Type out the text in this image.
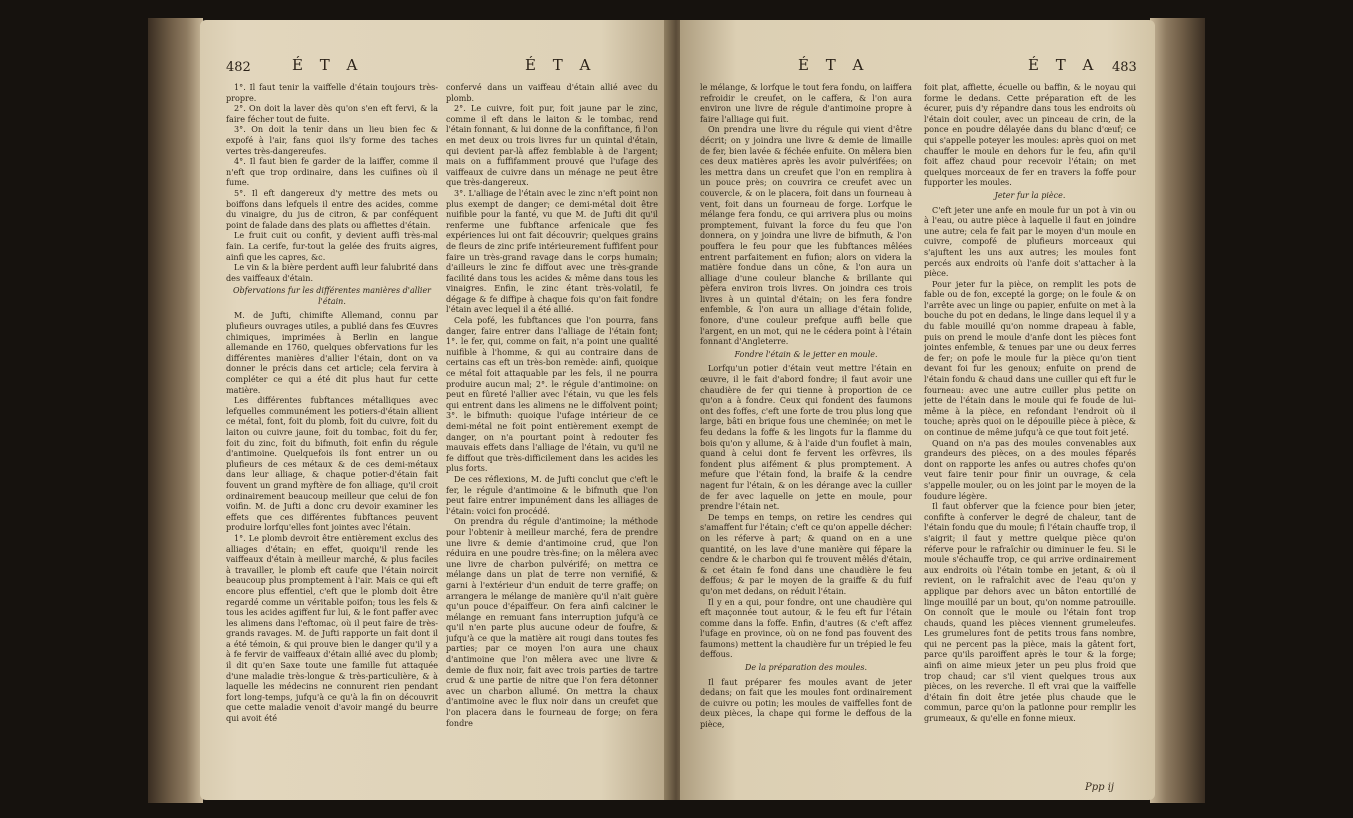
482	É T A	É T A

1°. Il faut tenir la vaiffelle d'étain toujours très-propre.

2°. On doit la laver dès qu'on s'en eft fervi, & la faire fécher tout de fuite.

3°. On doit la tenir dans un lieu bien fec & expofé à l'air, fans quoi ils'y forme des taches vertes très-dangereufes.

4°. Il faut bien fe garder de la laiffer, comme il n'eft que trop ordinaire, dans les cuifines où il fume.

5°. Il eft dangereux d'y mettre des mets ou boiffons dans lefquels il entre des acides, comme du vinaigre, du jus de citron, & par conféquent point de falade dans des plats ou affiettes d'étain.

Le fruit cuit ou confit, y devient auffi très-mal fain. La cerife, fur-tout la gelée des fruits aigres, ainfi que les capres, &c.

Le vin & la bière perdent auffi leur falubrité dans des vaiffeaux d'étain.

Obfervations fur les différentes manières d'allier l'étain.

M. de Jufti, chimifte Allemand, connu par plufieurs ouvrages utiles, a publié dans fes Œuvres chimiques, imprimées à Berlin en langue allemande en 1760, quelques obfervations fur les différentes manières d'allier l'étain, dont on va donner le précis dans cet article; cela fervira à compléter ce qui a été dit plus haut fur cette matière.

Les différentes fubftances métalliques avec lefquelles communément les potiers-d'étain allient ce métal, font, foit du plomb, foit du cuivre, foit du laiton ou cuivre jaune, foit du tombac, foit du fer, foit du zinc, foit du bifmuth, foit enfin du régule d'antimoine. Quelquefois ils font entrer un ou plufieurs de ces métaux & de ces demi-métaux dans leur alliage, & chaque potier-d'étain fait fouvent un grand myftère de fon alliage, qu'il croit ordinairement beaucoup meilleur que celui de fon voifin. M. de Jufti a donc cru devoir examiner les effets que ces différentes fubftances peuvent produire lorfqu'elles font jointes avec l'étain.

1°. Le plomb devroit être entièrement exclus des alliages d'étain; en effet, quoiqu'il rende les vaiffeaux d'étain à meilleur marché, & plus faciles à travailler, le plomb eft caufe que l'étain noircit beaucoup plus promptement à l'air. Mais ce qui eft encore plus effentiel, c'eft que le plomb doit être regardé comme un véritable poifon; tous les fels & tous les acides agiffent fur lui, & le font paffer avec les alimens dans l'eftomac, où il peut faire de très-grands ravages. M. de Jufti rapporte un fait dont il a été témoin, & qui prouve bien le danger qu'il y a à fe fervir de vaiffeaux d'étain allié avec du plomb; il dit qu'en Saxe toute une famille fut attaquée d'une maladie très-longue & très-particulière, & à laquelle les médecins ne connurent rien pendant fort long-temps, jufqu'à ce qu'à la fin on découvrit que cette maladie venoit d'avoir mangé du beurre qui avoit été

confervé dans un vaiffeau d'étain allié avec du plomb.

2°. Le cuivre, foit pur, foit jaune par le zinc, comme il eft dans le laiton & le tombac, rend l'étain fonnant, & lui donne de la confiftance, fi l'on en met deux ou trois livres fur un quintal d'étain, qui devient par-là affez femblable à de l'argent; mais on a fuffifamment prouvé que l'ufage des vaiffeaux de cuivre dans un ménage ne peut être que très-dangereux.

3°. L'alliage de l'étain avec le zinc n'eft point non plus exempt de danger; ce demi-métal doit être nuifible pour la fanté, vu que M. de Jufti dit qu'il renferme une fubftance arfenicale que fes expériences lui ont fait découvrir; quelques grains de fleurs de zinc prife intérieurement fuffifent pour faire un très-grand ravage dans le corps humain; d'ailleurs le zinc fe diffout avec une très-grande facilité dans tous les acides & même dans tous les vinaigres. Enfin, le zinc étant très-volatil, fe dégage & fe diffipe à chaque fois qu'on fait fondre l'étain avec lequel il a été allié.

Cela pofé, les fubftances que l'on pourra, fans danger, faire entrer dans l'alliage de l'étain font; 1°. le fer, qui, comme on fait, n'a point une qualité nuifible à l'homme, & qui au contraire dans de certains cas eft un très-bon remède: ainfi, quoique ce métal foit attaquable par les fels, il ne pourra produire aucun mal; 2°. le régule d'antimoine: on peut en fûreté l'allier avec l'étain, vu que les fels qui entrent dans les alimens ne le diffolvent point; 3°. le bifmuth: quoique l'ufage intérieur de ce demi-métal ne foit point entièrement exempt de danger, on n'a pourtant point à redouter fes mauvais effets dans l'alliage de l'étain, vu qu'il ne fe diffout que très-difficilement dans les acides les plus forts.

De ces réflexions, M. de Jufti conclut que c'eft le fer, le régule d'antimoine & le bifmuth que l'on peut faire entrer impunément dans les alliages de l'étain: voici fon procédé.

On prendra du régule d'antimoine; la méthode pour l'obtenir à meilleur marché, fera de prendre une livre & demie d'antimoine crud, que l'on réduira en une poudre très-fine; on la mêlera avec une livre de charbon pulvérifé; on mettra ce mélange dans un plat de terre non vernifié, & garni à l'extérieur d'un enduit de terre graffe; on arrangera le mélange de manière qu'il n'ait guère qu'un pouce d'épaiffeur. On fera ainfi calciner le mélange en remuant fans interruption jufqu'à ce qu'il n'en parte plus aucune odeur de foufre, & jufqu'à ce que la matière ait rougi dans toutes fes parties; par ce moyen l'on aura une chaux d'antimoine que l'on mêlera avec une livre & demie de flux noir, fait avec trois parties de tartre crud & une partie de nitre que l'on fera détonner avec un charbon allumé. On mettra la chaux d'antimoine avec le flux noir dans un creufet que l'on placera dans le fourneau de forge; on fera fondre

É T A	É T A 483

le mélange, & lorfque le tout fera fondu, on laiffera refroidir le creufet, on le caffera, & l'on aura environ une livre de régule d'antimoine propre à faire l'alliage qui fuit.

On prendra une livre du régule qui vient d'être décrit; on y joindra une livre & demie de limaille de fer, bien lavée & féchée enfuite. On mêlera bien ces deux matières après les avoir pulvérifées; on les mettra dans un creufet que l'on en remplira à un pouce près; on couvrira ce creufet avec un couvercle, & on le placera, foit dans un fourneau à vent, foit dans un fourneau de forge. Lorfque le mélange fera fondu, ce qui arrivera plus ou moins promptement, fuivant la force du feu que l'on donnera, on y joindra une livre de bifmuth, & l'on pouffera le feu pour que les fubftances mêlées entrent parfaitement en fufion; alors on videra la matière fondue dans un cône, & l'on aura un alliage d'une couleur blanche & brillante qui pèfera environ trois livres. On joindra ces trois livres à un quintal d'étain; on les fera fondre enfemble, & l'on aura un alliage d'étain folide, fonore, d'une couleur prefque auffi belle que l'argent, en un mot, qui ne le cédera point à l'étain fonnant d'Angleterre.

Fondre l'étain & le jetter en moule.

Lorfqu'un potier d'étain veut mettre l'étain en œuvre, il le fait d'abord fondre; il faut avoir une chaudière de fer qui tienne à proportion de ce qu'on a à fondre. Ceux qui fondent des faumons ont des foffes, c'eft une forte de trou plus long que large, bâti en brique fous une cheminée; on met le feu dedans la foffe & les lingots fur la flamme du bois qu'on y allume, & à l'aide d'un fouflet à main, quand à celui dont fe fervent les orfèvres, ils fondent plus aifément & plus promptement. A mefure que l'étain fond, la braife & la cendre nagent fur l'étain, & on les dérange avec la cuiller de fer avec laquelle on jette en moule, pour prendre l'étain net.

De temps en temps, on retire les cendres qui s'amaffent fur l'étain; c'eft ce qu'on appelle décher: on les réferve à part; & quand on en a une quantité, on les lave d'une manière qui fépare la cendre & le charbon qui fe trouvent mêlés d'étain, & cet étain fe fond dans une chaudière le feu deffous; & par le moyen de la graiffe & du fuif qu'on met dedans, on réduit l'étain.

Il y en a qui, pour fondre, ont une chaudière qui eft maçonnée tout autour, & le feu eft fur l'étain comme dans la foffe. Enfin, d'autres (& c'eft affez l'ufage en province, où on ne fond pas fouvent des faumons) mettent la chaudière fur un trépied le feu deffous.

De la préparation des moules.

Il faut préparer fes moules avant de jeter dedans; on fait que les moules font ordinairement de cuivre ou potin; les moules de vaiffelles font de deux pièces, la chape qui forme le deffous de la pièce,

foit plat, affiette, écuelle ou baffin, & le noyau qui forme le dedans. Cette préparation eft de les écurer, puis d'y répandre dans tous les endroits où l'étain doit couler, avec un pinceau de crin, de la ponce en poudre délayée dans du blanc d'œuf; ce qui s'appelle poteyer les moules: après quoi on met chauffer le moule en dehors fur le feu, afin qu'il foit affez chaud pour recevoir l'étain; on met quelques morceaux de fer en travers la foffe pour fupporter les moules.

Jeter fur la pièce.

C'eft jeter une anfe en moule fur un pot à vin ou à l'eau, ou autre pièce à laquelle il faut en joindre une autre; cela fe fait par le moyen d'un moule en cuivre, compofé de plufieurs morceaux qui s'ajuftent les uns aux autres; les moules font percés aux endroits où l'anfe doit s'attacher à la pièce.

Pour jeter fur la pièce, on remplit les pots de fable ou de fon, excepté la gorge; on le foule & on l'arrête avec un linge ou papier, enfuite on met à la bouche du pot en dedans, le linge dans lequel il y a du fable mouillé qu'on nomme drapeau à fable, puis on prend le moule d'anfe dont les pièces font jointes enfemble, & tenues par une ou deux ferres de fer; on pofe le moule fur la pièce qu'on tient devant foi fur les genoux; enfuite on prend de l'étain fondu & chaud dans une cuiller qui eft fur le fourneau: avec une autre cuiller plus petite on jette de l'étain dans le moule qui fe foude de lui-même à la pièce, en refondant l'endroit où il touche; après quoi on le dépouille pièce à pièce, & on continue de même jufqu'à ce que tout foit jeté.

Quand on n'a pas des moules convenables aux grandeurs des pièces, on a des moules féparés dont on rapporte les anfes ou autres chofes qu'on veut faire tenir pour finir un ouvrage, & cela s'appelle mouler, ou on les joint par le moyen de la foudure légère.

Il faut obferver que la fcience pour bien jeter, confifte à conferver le degré de chaleur, tant de l'étain fondu que du moule; fi l'étain chauffe trop, il s'aigrit; il faut y mettre quelque pièce qu'on réferve pour le rafraîchir ou diminuer le feu. Si le moule s'échauffe trop, ce qui arrive ordinairement aux endroits où l'étain tombe en jetant, & où il revient, on le rafraîchit avec de l'eau qu'on y applique par dehors avec un bâton entortillé de linge mouillé par un bout, qu'on nomme patrouille. On connoît que le moule ou l'étain font trop chauds, quand les pièces viennent grumeleufes. Les grumelures font de petits trous fans nombre, qui ne percent pas la pièce, mais la gâtent fort, parce qu'ils paroiffent après le tour & la forge; ainfi on aime mieux jeter un peu plus froid que trop chaud; car s'il vient quelques trous aux pièces, on les reverche. Il eft vrai que la vaiffelle d'étain fin doit être jetée plus chaude que le commun, parce qu'on la patlonne pour remplir les grumeaux, & qu'elle en fonne mieux.

Ppp ij
